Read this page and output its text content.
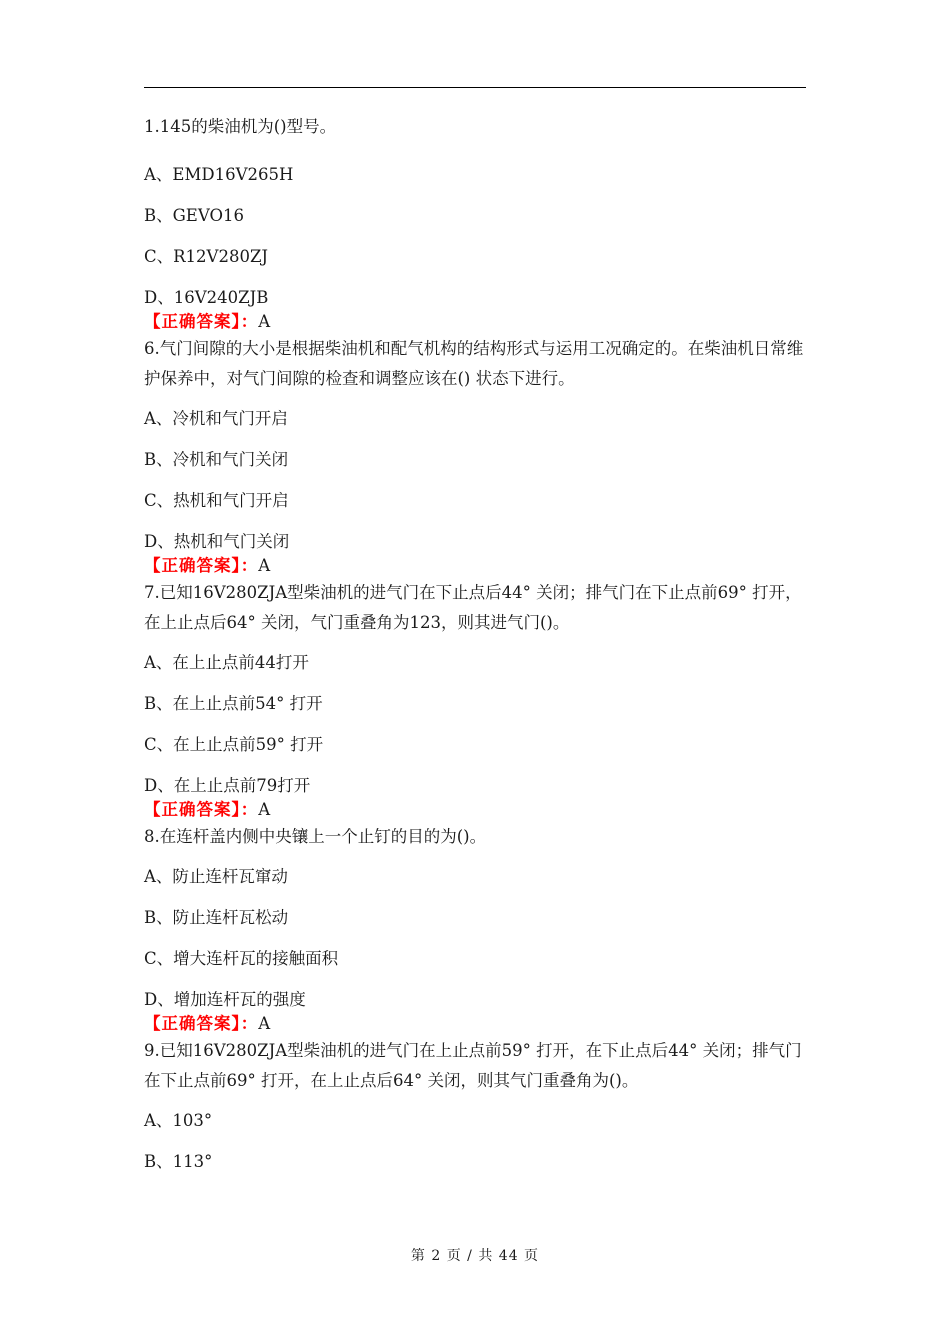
1.145的柴油机为()型号。
A、EMD16V265H
B、GEVO16
C、R12V280ZJ
D、16V240ZJB
【正确答案】：A
6.气门间隙的大小是根据柴油机和配气机构的结构形式与运用工况确定的。在柴油机日常维护保养中，对气门间隙的检查和调整应该在() 状态下进行。
A、冷机和气门开启
B、冷机和气门关闭
C、热机和气门开启
D、热机和气门关闭
【正确答案】：A
7.已知16V280ZJA型柴油机的进气门在下止点后44° 关闭；排气门在下止点前69° 打开，在上止点后64° 关闭，气门重叠角为123，则其进气门()。
A、在上止点前44打开
B、在上止点前54° 打开
C、在上止点前59° 打开
D、在上止点前79打开
【正确答案】：A
8.在连杆盖内侧中央镶上一个止钉的目的为()。
A、防止连杆瓦窜动
B、防止连杆瓦松动
C、增大连杆瓦的接触面积
D、增加连杆瓦的强度
【正确答案】：A
9.已知16V280ZJA型柴油机的进气门在上止点前59° 打开，在下止点后44° 关闭；排气门在下止点前69° 打开，在上止点后64° 关闭，则其气门重叠角为()。
A、103°
B、113°
第 2 页 / 共 44 页
